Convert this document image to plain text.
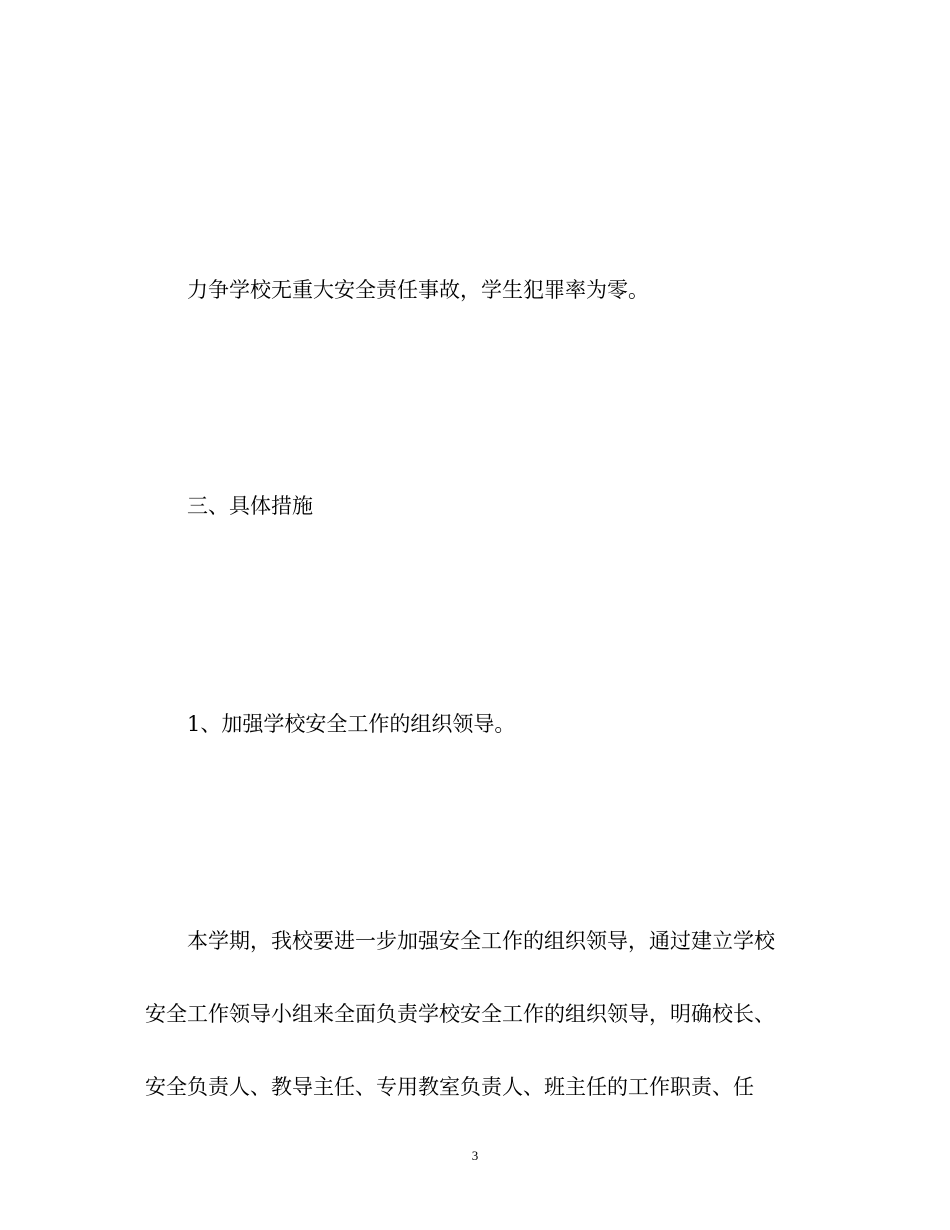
力争学校无重大安全责任事故，学生犯罪率为零。

三、具体措施

1、加强学校安全工作的组织领导。

本学期，我校要进一步加强安全工作的组织领导，通过建立学校
安全工作领导小组来全面负责学校安全工作的组织领导，明确校长、
安全负责人、教导主任、专用教室负责人、班主任的工作职责、任
3
